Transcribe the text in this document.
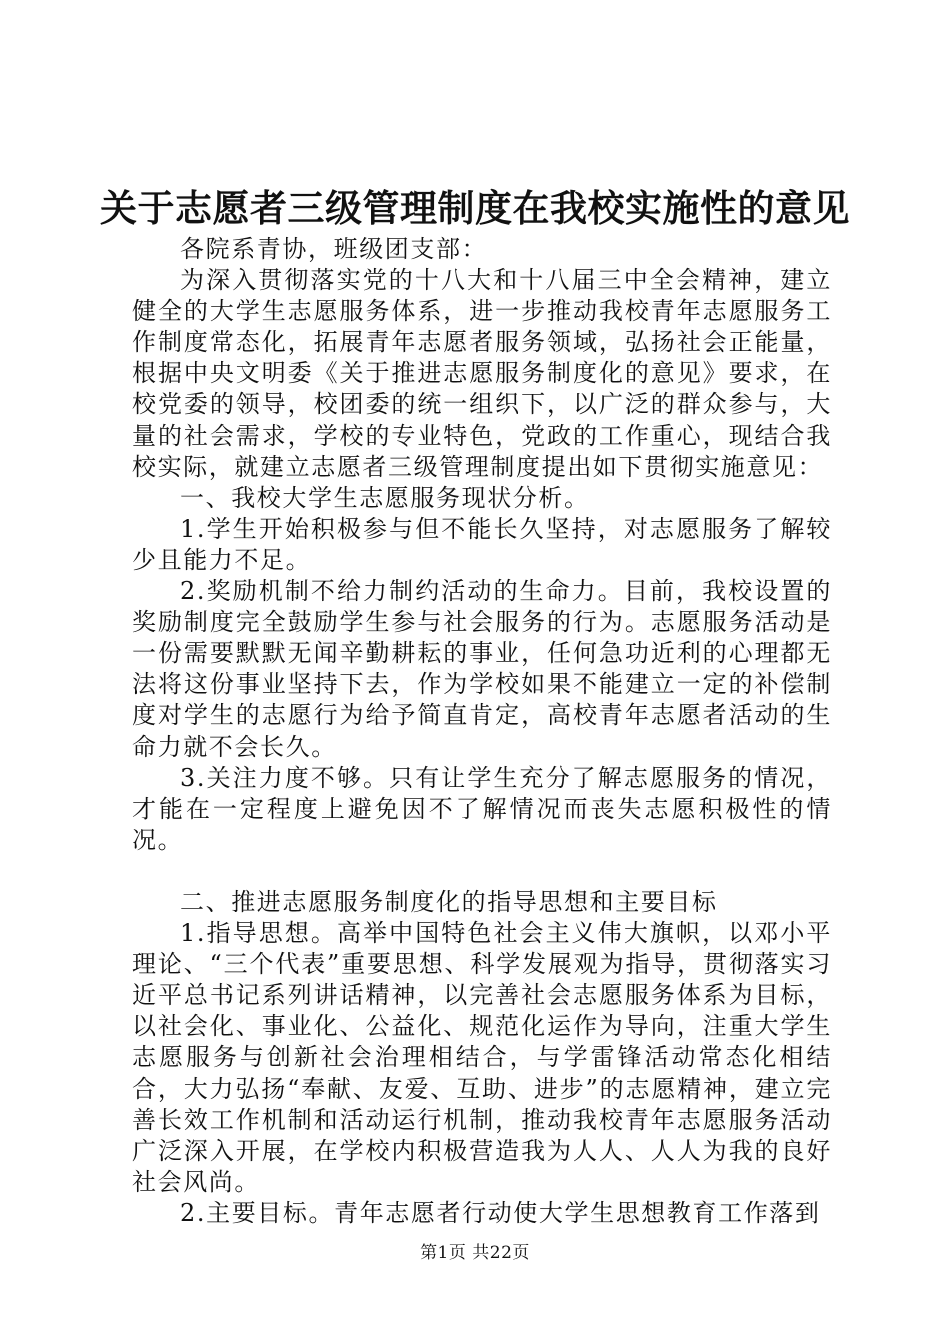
关于志愿者三级管理制度在我校实施性的意见

各院系青协，班级团支部：

为深入贯彻落实党的十八大和十八届三中全会精神，建立健全的大学生志愿服务体系，进一步推动我校青年志愿服务工作制度常态化，拓展青年志愿者服务领域，弘扬社会正能量，根据中央文明委《关于推进志愿服务制度化的意见》要求，在校党委的领导，校团委的统一组织下，以广泛的群众参与，大量的社会需求，学校的专业特色，党政的工作重心，现结合我校实际，就建立志愿者三级管理制度提出如下贯彻实施意见：

一、我校大学生志愿服务现状分析。

1.学生开始积极参与但不能长久坚持，对志愿服务了解较少且能力不足。

2.奖励机制不给力制约活动的生命力。目前，我校设置的奖励制度完全鼓励学生参与社会服务的行为。志愿服务活动是一份需要默默无闻辛勤耕耘的事业，任何急功近利的心理都无法将这份事业坚持下去，作为学校如果不能建立一定的补偿制度对学生的志愿行为给予简直肯定，高校青年志愿者活动的生命力就不会长久。

3.关注力度不够。只有让学生充分了解志愿服务的情况，才能在一定程度上避免因不了解情况而丧失志愿积极性的情况。

二、推进志愿服务制度化的指导思想和主要目标

1.指导思想。高举中国特色社会主义伟大旗帜，以邓小平理论、“三个代表”重要思想、科学发展观为指导，贯彻落实习近平总书记系列讲话精神，以完善社会志愿服务体系为目标，以社会化、事业化、公益化、规范化运作为导向，注重大学生志愿服务与创新社会治理相结合，与学雷锋活动常态化相结合，大力弘扬“奉献、友爱、互助、进步”的志愿精神，建立完善长效工作机制和活动运行机制，推动我校青年志愿服务活动广泛深入开展，在学校内积极营造我为人人、人人为我的良好社会风尚。

2.主要目标。青年志愿者行动使大学生思想教育工作落到

第1页 共22页
